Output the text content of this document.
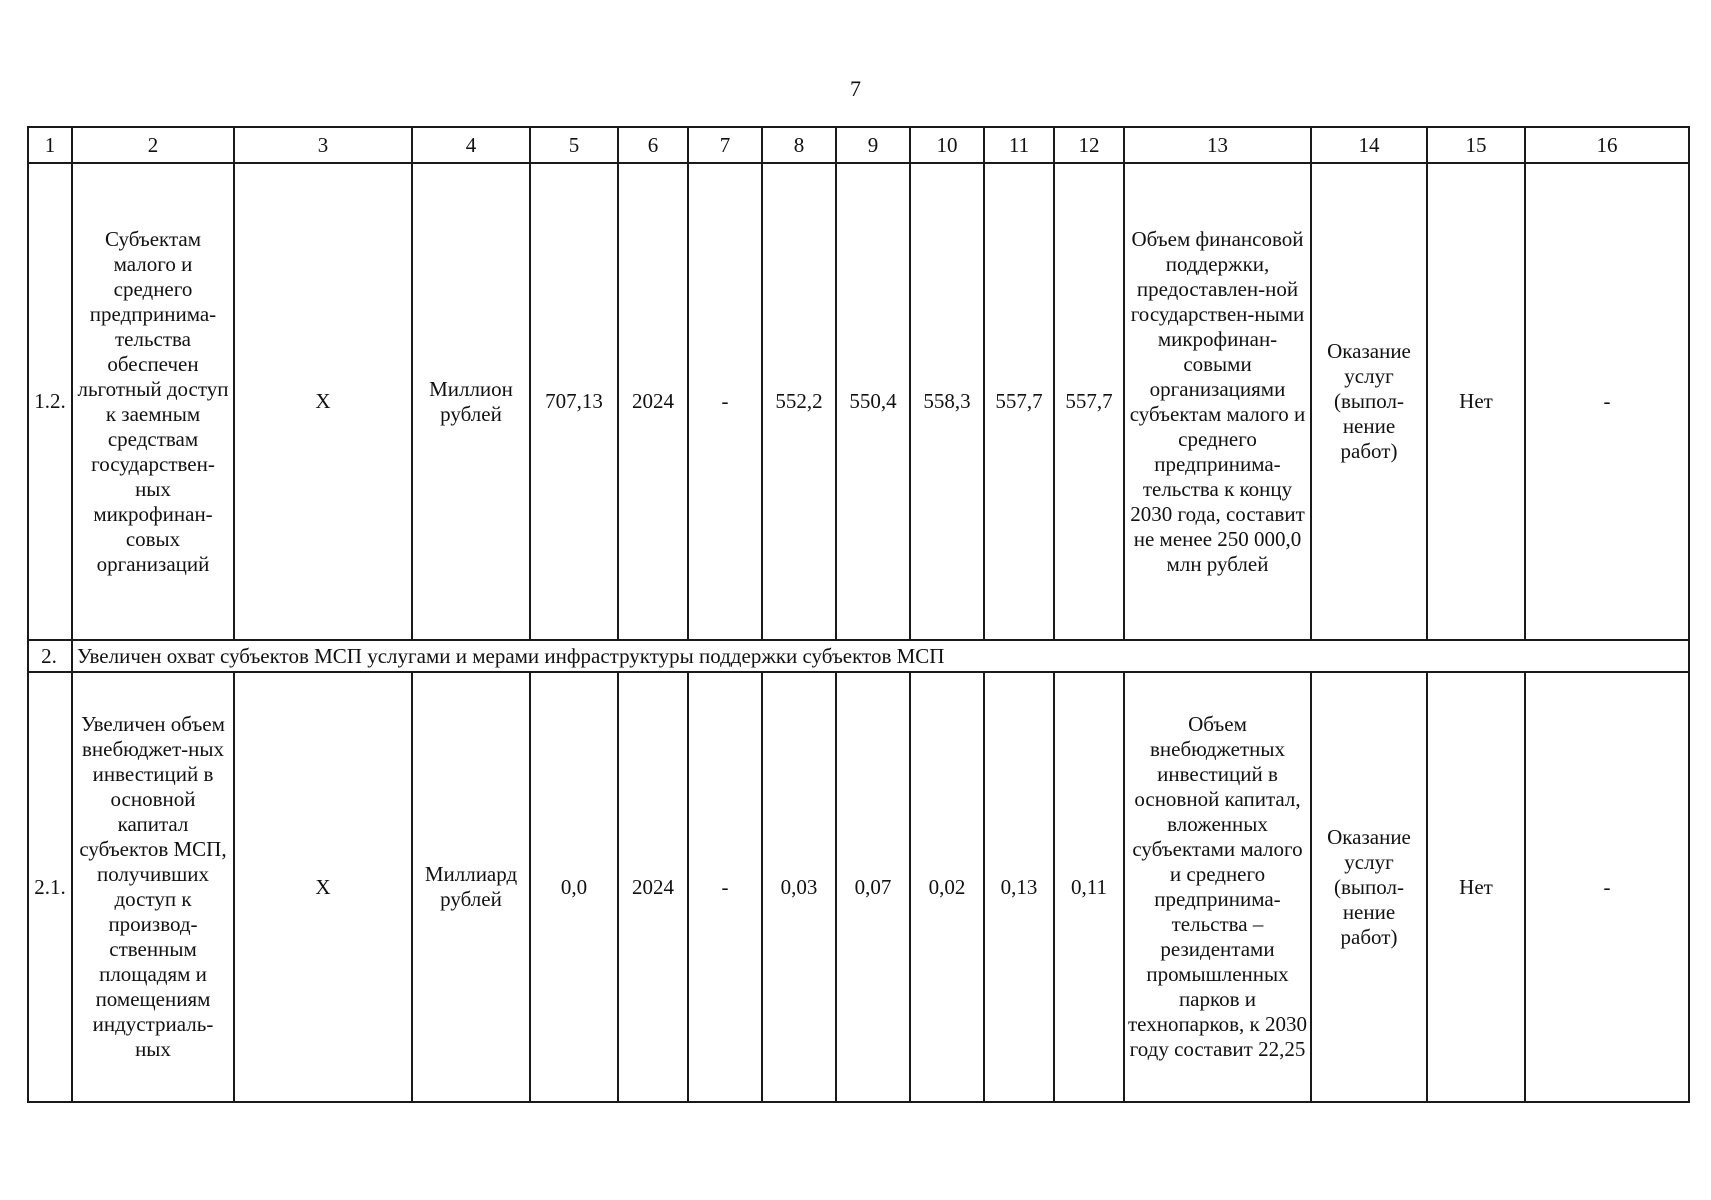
7
1	2	3	4	5	6	7	8	9	10	11	12	13	14	15	16
1.2.	Субъектам малого и среднего предпринима-тельства обеспечен льготный доступ к заемным средствам государствен-ных микрофинан-совых организаций	Х	Миллион рублей	707,13	2024	-	552,2	550,4	558,3	557,7	557,7	Объем финансовой поддержки, предоставлен-ной государствен-ными микрофинан-совыми организациями субъектам малого и среднего предпринима-тельства к концу 2030 года, составит не менее 250 000,0 млн рублей	Оказание услуг (выпол-нение работ)	Нет	-
2.	Увеличен охват субъектов МСП услугами и мерами инфраструктуры поддержки субъектов МСП														
2.1.	Увеличен объем внебюджет-ных инвестиций в основной капитал субъектов МСП, получивших доступ к производ-ственным площадям и помещениям индустриаль-ных	Х	Миллиард рублей	0,0	2024	-	0,03	0,07	0,02	0,13	0,11	Объем внебюджетных инвестиций в основной капитал, вложенных субъектами малого и среднего предпринима-тельства – резидентами промышленных парков и технопарков, к 2030 году составит 22,25	Оказание услуг (выпол-нение работ)	Нет	-
